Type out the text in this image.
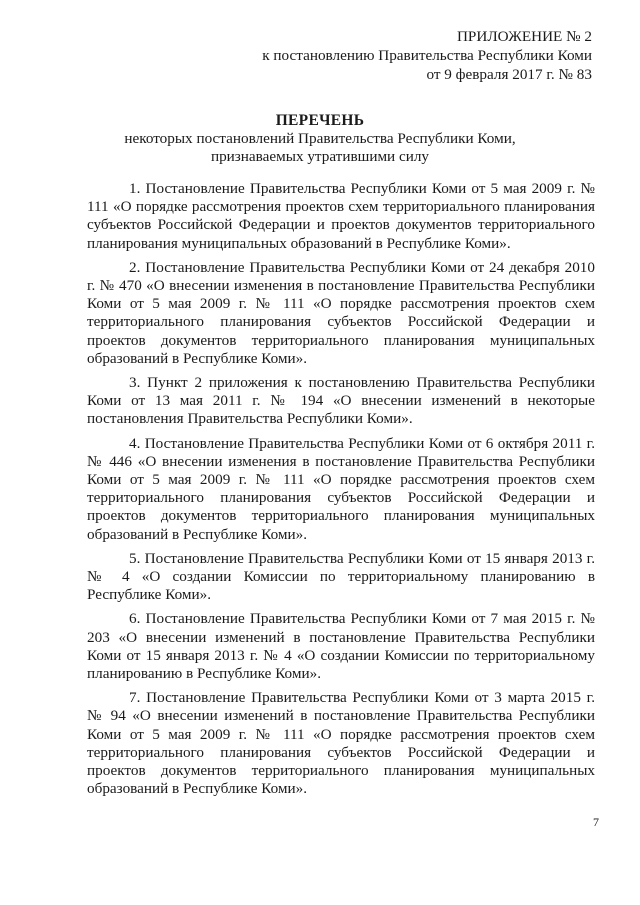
ПРИЛОЖЕНИЕ № 2
к постановлению Правительства Республики Коми
от 9 февраля 2017 г. № 83
ПЕРЕЧЕНЬ
некоторых постановлений Правительства Республики Коми,
признаваемых утратившими силу

1. Постановление Правительства Республики Коми от 5 мая 2009 г. № 111 «О порядке рассмотрения проектов схем территориального планирования субъектов Российской Федерации и проектов документов территориального планирования муниципальных образований в Республике Коми».

2. Постановление Правительства Республики Коми от 24 декабря 2010 г. № 470 «О внесении изменения в постановление Правительства Республики Коми от 5 мая 2009 г. № 111 «О порядке рассмотрения проектов схем территориального планирования субъектов Российской Федерации и проектов документов территориального планирования муниципальных образований в Республике Коми».

3. Пункт 2 приложения к постановлению Правительства Республики Коми от 13 мая 2011 г. № 194 «О внесении изменений в некоторые постановления Правительства Республики Коми».

4. Постановление Правительства Республики Коми от 6 октября 2011 г. № 446 «О внесении изменения в постановление Правительства Республики Коми от 5 мая 2009 г. № 111 «О порядке рассмотрения проектов схем территориального планирования субъектов Российской Федерации и проектов документов территориального планирования муниципальных образований в Республике Коми».

5. Постановление Правительства Республики Коми от 15 января 2013 г. № 4 «О создании Комиссии по территориальному планированию в Республике Коми».

6. Постановление Правительства Республики Коми от 7 мая 2015 г. № 203 «О внесении изменений в постановление Правительства Республики Коми от 15 января 2013 г. № 4 «О создании Комиссии по территориальному планированию в Республике Коми».

7. Постановление Правительства Республики Коми от 3 марта 2015 г. № 94 «О внесении изменений в постановление Правительства Республики Коми от 5 мая 2009 г. № 111 «О порядке рассмотрения проектов схем территориального планирования субъектов Российской Федерации и проектов документов территориального планирования муниципальных образований в Республике Коми».

7
